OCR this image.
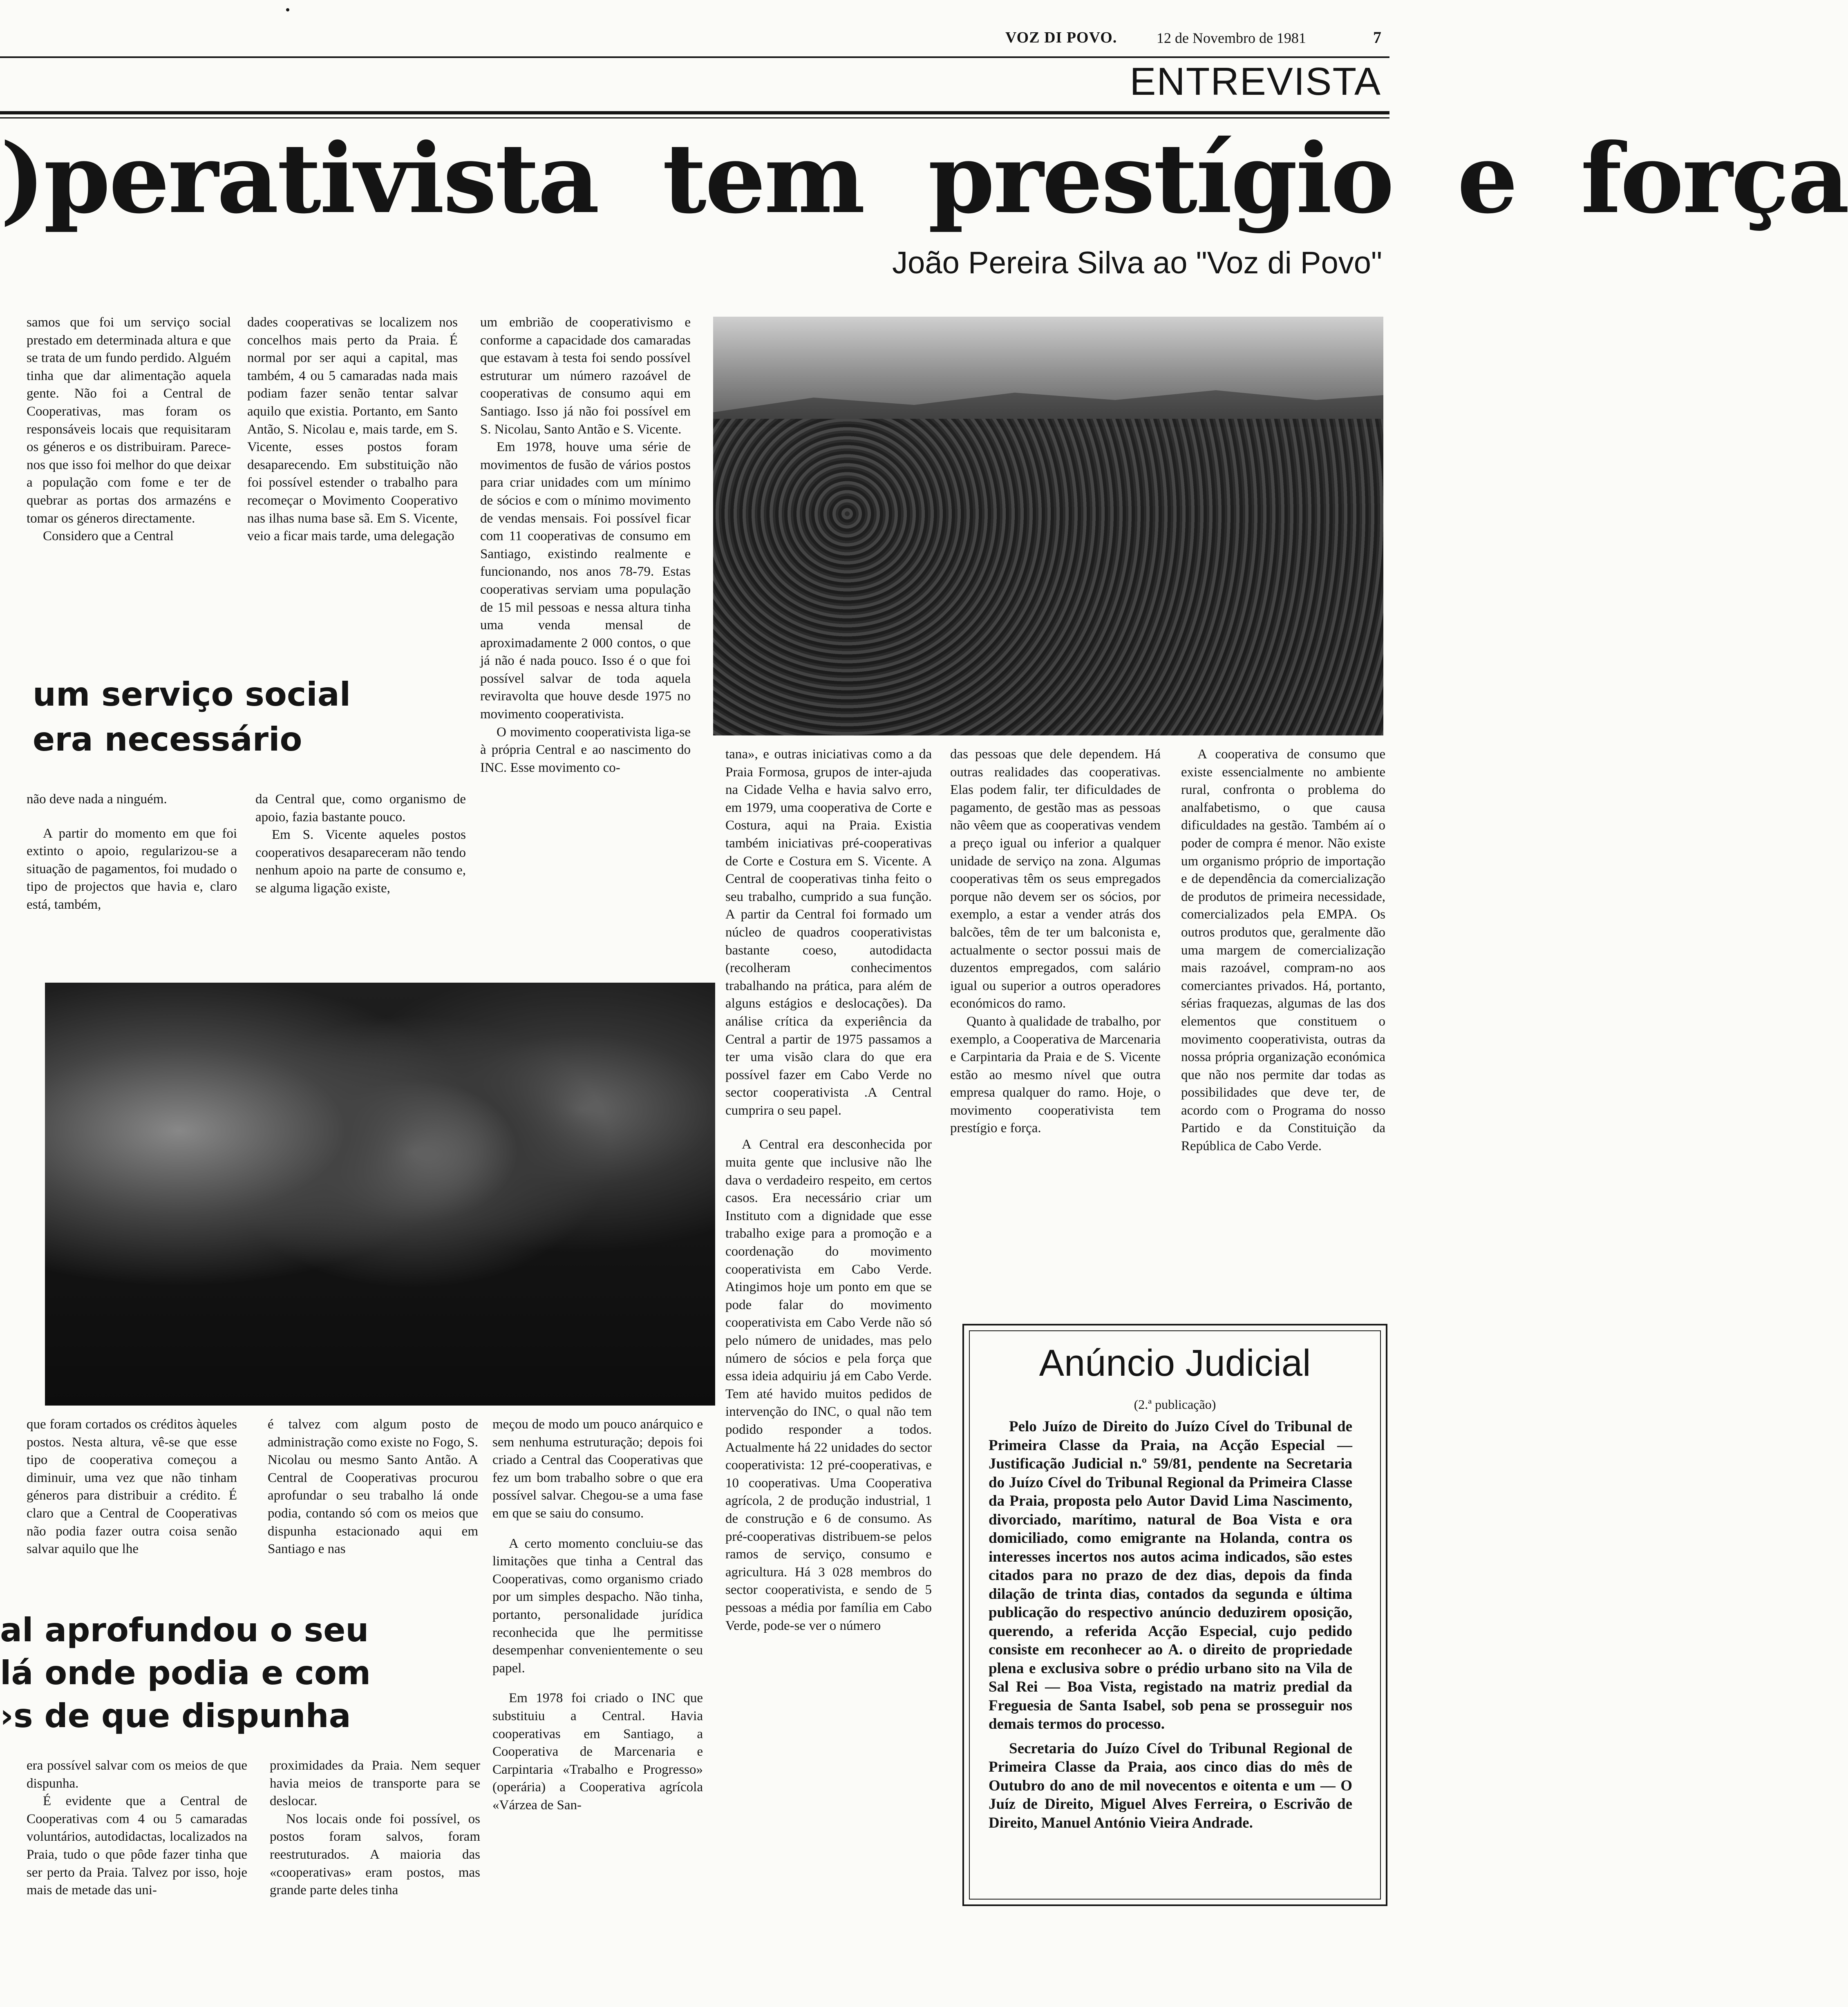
VOZ DI POVO.	12 de Novembro de 1981	7
ENTREVISTA
)perativista tem prestígio e força
João Pereira Silva ao "Voz di Povo"

samos que foi um serviço social prestado em determinada altura e que se trata de um fundo perdido. Alguém tinha que dar alimentação aquela gente. Não foi a Central de Cooperativas, mas foram os responsáveis locais que requisitaram os géneros e os distribuiram. Parece-nos que isso foi melhor do que deixar a população com fome e ter de quebrar as portas dos armazéns e tomar os géneros directamente.

Considero que a Central

dades cooperativas se localizem nos concelhos mais perto da Praia. É normal por ser aqui a capital, mas também, 4 ou 5 camaradas nada mais podiam fazer senão tentar salvar aquilo que existia. Portanto, em Santo Antão, S. Nicolau e, mais tarde, em S. Vicente, esses postos foram desaparecendo. Em substituição não foi possível estender o trabalho para recomeçar o Movimento Cooperativo nas ilhas numa base sã. Em S. Vicente, veio a ficar mais tarde, uma delegação

um embrião de cooperativismo e conforme a capacidade dos camaradas que estavam à testa foi sendo possível estruturar um número razoável de cooperativas de consumo aqui em Santiago. Isso já não foi possível em S. Nicolau, Santo Antão e S. Vicente.

Em 1978, houve uma série de movimentos de fusão de vários postos para criar unidades com um mínimo de sócios e com o mínimo movimento de vendas mensais. Foi possível ficar com 11 cooperativas de consumo em Santiago, existindo realmente e funcionando, nos anos 78-79. Estas cooperativas serviam uma população de 15 mil pessoas e nessa altura tinha uma venda mensal de aproximadamente 2 000 contos, o que já não é nada pouco. Isso é o que foi possível salvar de toda aquela reviravolta que houve desde 1975 no movimento cooperativista.

O movimento cooperativista liga-se à própria Central e ao nascimento do INC. Esse movimento co-

um serviço social
era necessário

não deve nada a ninguém.

A partir do momento em que foi extinto o apoio, regularizou-se a situação de pagamentos, foi mudado o tipo de projectos que havia e, claro está, também,

da Central que, como organismo de apoio, fazia bastante pouco.

Em S. Vicente aqueles postos cooperativos desapareceram não tendo nenhum apoio na parte de consumo e, se alguma ligação existe,

tana», e outras iniciativas como a da Praia Formosa, grupos de inter-ajuda na Cidade Velha e havia salvo erro, em 1979, uma cooperativa de Corte e Costura, aqui na Praia. Existia também iniciativas pré-cooperativas de Corte e Costura em S. Vicente. A Central de cooperativas tinha feito o seu trabalho, cumprido a sua função. A partir da Central foi formado um núcleo de quadros cooperativistas bastante coeso, autodidacta (recolheram conhecimentos trabalhando na prática, para além de alguns estágios e deslocações). Da análise crítica da experiência da Central a partir de 1975 passamos a ter uma visão clara do que era possível fazer em Cabo Verde no sector cooperativista .A Central cumprira o seu papel.

A Central era desconhecida por muita gente que inclusive não lhe dava o verdadeiro respeito, em certos casos. Era necessário criar um Instituto com a dignidade que esse trabalho exige para a promoção e a coordenação do movimento cooperativista em Cabo Verde. Atingimos hoje um ponto em que se pode falar do movimento cooperativista em Cabo Verde não só pelo número de unidades, mas pelo número de sócios e pela força que essa ideia adquiriu já em Cabo Verde. Tem até havido muitos pedidos de intervenção do INC, o qual não tem podido responder a todos. Actualmente há 22 unidades do sector cooperativista: 12 pré-cooperativas, e 10 cooperativas. Uma Cooperativa agrícola, 2 de produção industrial, 1 de construção e 6 de consumo. As pré-cooperativas distribuem-se pelos ramos de serviço, consumo e agricultura. Há 3 028 membros do sector cooperativista, e sendo de 5 pessoas a média por família em Cabo Verde, pode-se ver o número

das pessoas que dele dependem. Há outras realidades das cooperativas. Elas podem falir, ter dificuldades de pagamento, de gestão mas as pessoas não vêem que as cooperativas vendem a preço igual ou inferior a qualquer unidade de serviço na zona. Algumas cooperativas têm os seus empregados porque não devem ser os sócios, por exemplo, a estar a vender atrás dos balcões, têm de ter um balconista e, actualmente o sector possui mais de duzentos empregados, com salário igual ou superior a outros operadores económicos do ramo.

Quanto à qualidade de trabalho, por exemplo, a Cooperativa de Marcenaria e Carpintaria da Praia e de S. Vicente estão ao mesmo nível que outra empresa qualquer do ramo. Hoje, o movimento cooperativista tem prestígio e força.

A cooperativa de consumo que existe essencialmente no ambiente rural, confronta o problema do analfabetismo, o que causa dificuldades na gestão. Também aí o poder de compra é menor. Não existe um organismo próprio de importação e de dependência da comercialização de produtos de primeira necessidade, comercializados pela EMPA. Os outros produtos que, geralmente dão uma margem de comercialização mais razoável, compram-no aos comerciantes privados. Há, portanto, sérias fraquezas, algumas de las dos elementos que constituem o movimento cooperativista, outras da nossa própria organização económica que não nos permite dar todas as possibilidades que deve ter, de acordo com o Programa do nosso Partido e da Constituição da República de Cabo Verde.

que foram cortados os créditos àqueles postos. Nesta altura, vê-se que esse tipo de cooperativa começou a diminuir, uma vez que não tinham géneros para distribuir a crédito. É claro que a Central de Cooperativas não podia fazer outra coisa senão salvar aquilo que lhe

é talvez com algum posto de administração como existe no Fogo, S. Nicolau ou mesmo Santo Antão. A Central de Cooperativas procurou aprofundar o seu trabalho lá onde podia, contando só com os meios que dispunha estacionado aqui em Santiago e nas

meçou de modo um pouco anárquico e sem nenhuma estruturação; depois foi criado a Central das Cooperativas que fez um bom trabalho sobre o que era possível salvar. Chegou-se a uma fase em que se saiu do consumo.

A certo momento concluiu-se das limitações que tinha a Central das Cooperativas, como organismo criado por um simples despacho. Não tinha, portanto, personalidade jurídica reconhecida que lhe permitisse desempenhar convenientemente o seu papel.

Em 1978 foi criado o INC que substituiu a Central. Havia cooperativas em Santiago, a Cooperativa de Marcenaria e Carpintaria «Trabalho e Progresso» (operária) a Cooperativa agrícola «Várzea de San-

al aprofundou o seu
lá onde podia e com
›s de que dispunha

era possível salvar com os meios de que dispunha.

É evidente que a Central de Cooperativas com 4 ou 5 camaradas voluntários, autodidactas, localizados na Praia, tudo o que pôde fazer tinha que ser perto da Praia. Talvez por isso, hoje mais de metade das uni-

proximidades da Praia. Nem sequer havia meios de transporte para se deslocar.

Nos locais onde foi possível, os postos foram salvos, foram reestruturados. A maioria das «cooperativas» eram postos, mas grande parte deles tinha

Anúncio Judicial
(2.ª publicação)

Pelo Juízo de Direito do Juízo Cível do Tribunal de Primeira Classe da Praia, na Acção Especial — Justificação Judicial n.º 59/81, pendente na Secretaria do Juízo Cível do Tribunal Regional da Primeira Classe da Praia, proposta pelo Autor David Lima Nascimento, divorciado, marítimo, natural de Boa Vista e ora domiciliado, como emigrante na Holanda, contra os interesses incertos nos autos acima indicados, são estes citados para no prazo de dez dias, depois da finda dilação de trinta dias, contados da segunda e última publicação do respectivo anúncio deduzirem oposição, querendo, a referida Acção Especial, cujo pedido consiste em reconhecer ao A. o direito de propriedade plena e exclusiva sobre o prédio urbano sito na Vila de Sal Rei — Boa Vista, registado na matriz predial da Freguesia de Santa Isabel, sob pena se prosseguir nos demais termos do processo.

Secretaria do Juízo Cível do Tribunal Regional de Primeira Classe da Praia, aos cinco dias do mês de Outubro do ano de mil novecentos e oitenta e um — O Juíz de Direito, Miguel Alves Ferreira, o Escrivão de Direito, Manuel António Vieira Andrade.
